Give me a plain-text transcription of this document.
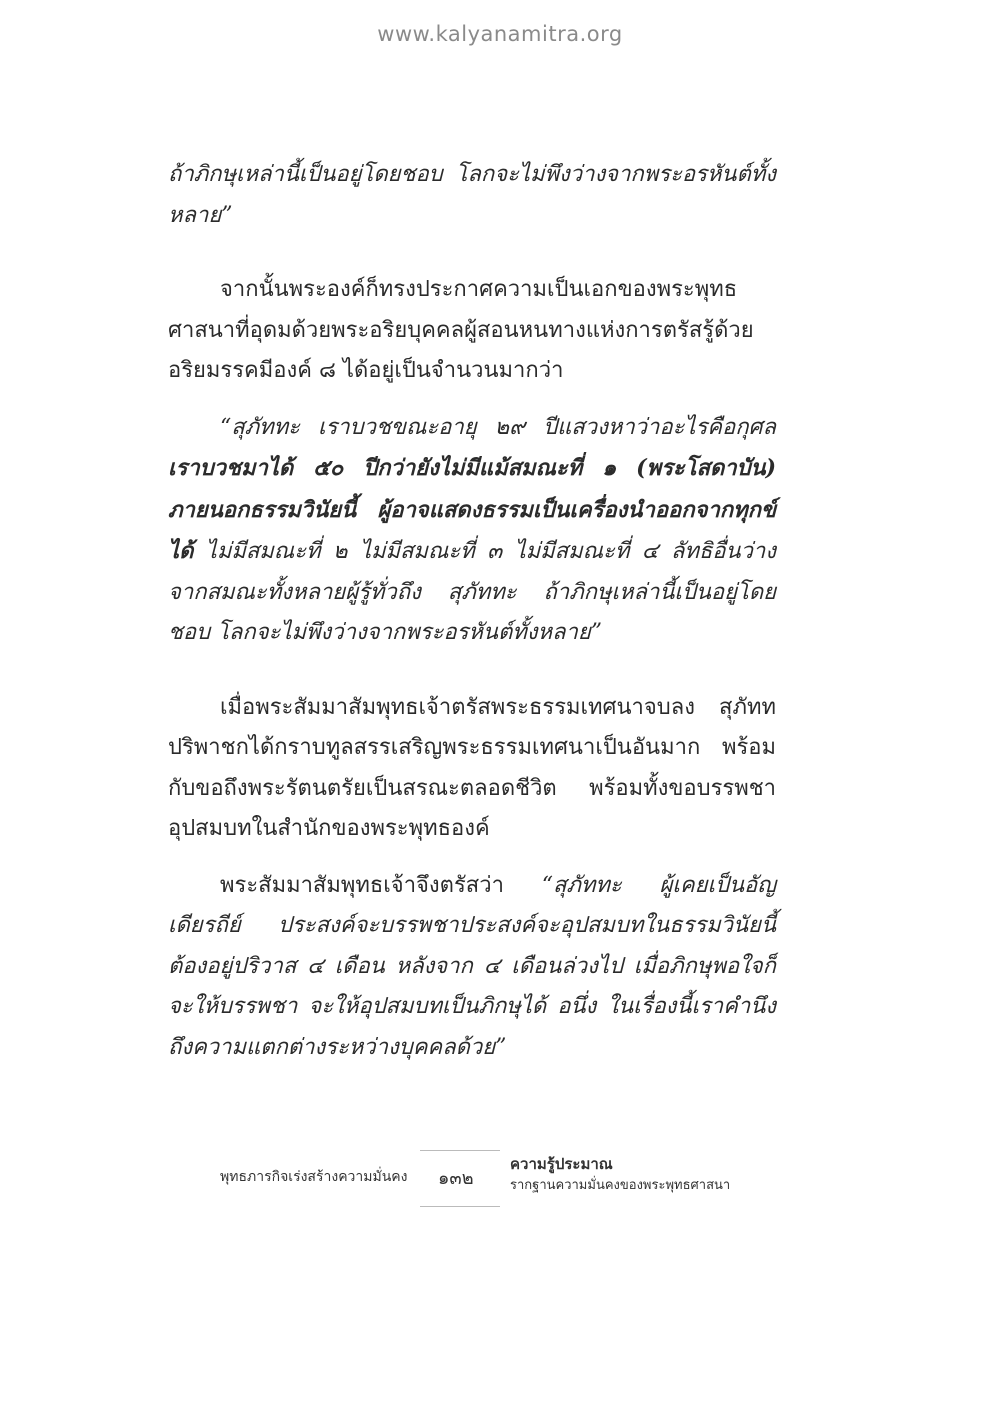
www.kalyanamitra.org

ถ้าภิกษุเหล่านี้เป็นอยู่โดยชอบ โลกจะไม่พึงว่างจากพระอรหันต์ทั้งหลาย”

จากนั้นพระองค์ก็ทรงประกาศความเป็นเอกของพระพุทธศาสนาที่อุดมด้วยพระอริยบุคคลผู้สอนหนทางแห่งการตรัสรู้ด้วยอริยมรรคมีองค์ ๘ ได้อยู่เป็นจำนวนมากว่า

“สุภัททะ เราบวชขณะอายุ ๒๙ ปีแสวงหาว่าอะไรคือกุศล เราบวชมาได้ ๕๐ ปีกว่ายังไม่มีแม้สมณะที่ ๑ (พระโสดาบัน) ภายนอกธรรมวินัยนี้ ผู้อาจแสดงธรรมเป็นเครื่องนำออกจากทุกข์ได้ ไม่มีสมณะที่ ๒ ไม่มีสมณะที่ ๓ ไม่มีสมณะที่ ๔ ลัทธิอื่นว่างจากสมณะทั้งหลายผู้รู้ทั่วถึง สุภัททะ ถ้าภิกษุเหล่านี้เป็นอยู่โดยชอบ โลกจะไม่พึงว่างจากพระอรหันต์ทั้งหลาย”

เมื่อพระสัมมาสัมพุทธเจ้าตรัสพระธรรมเทศนาจบลง สุภัททปริพาชกได้กราบทูลสรรเสริญพระธรรมเทศนาเป็นอันมาก พร้อมกับขอถึงพระรัตนตรัยเป็นสรณะตลอดชีวิต พร้อมทั้งขอบรรพชาอุปสมบทในสำนักของพระพุทธองค์

พระสัมมาสัมพุทธเจ้าจึงตรัสว่า “สุภัททะ ผู้เคยเป็นอัญเดียรถีย์ ประสงค์จะบรรพชาประสงค์จะอุปสมบทในธรรมวินัยนี้ ต้องอยู่ปริวาส ๔ เดือน หลังจาก ๔ เดือนล่วงไป เมื่อภิกษุพอใจก็จะให้บรรพชา จะให้อุปสมบทเป็นภิกษุได้ อนึ่ง ในเรื่องนี้เราคำนึงถึงความแตกต่างระหว่างบุคคลด้วย”

พุทธภารกิจเร่งสร้างความมั่นคง ๑๓๒
ความรู้ประมาณ
รากฐานความมั่นคงของพระพุทธศาสนา
